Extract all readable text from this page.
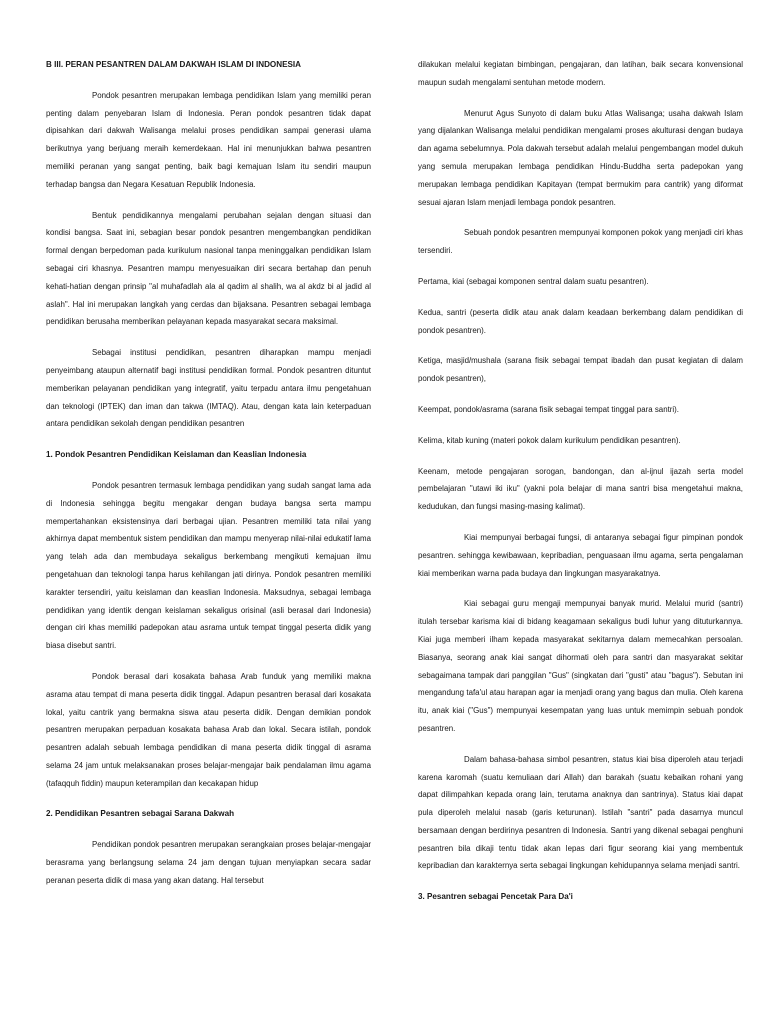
B III. PERAN PESANTREN DALAM DAKWAH ISLAM DI INDONESIA

Pondok pesantren merupakan lembaga pendidikan Islam yang memiliki peran penting dalam penyebaran Islam di Indonesia. Peran pondok pesantren tidak dapat dipisahkan dari dakwah Walisanga melalui proses pendidikan sampai generasi ulama berikutnya yang berjuang meraih kemerdekaan. Hal ini menunjukkan bahwa pesantren memiliki peranan yang sangat penting, baik bagi kemajuan Islam itu sendiri maupun terhadap bangsa dan Negara Kesatuan Republik Indonesia.

Bentuk pendidikannya mengalami perubahan sejalan dengan situasi dan kondisi bangsa. Saat ini, sebagian besar pondok pesantren mengembangkan pendidikan formal dengan berpedoman pada kurikulum nasional tanpa meninggalkan pendidikan Islam sebagai ciri khasnya. Pesantren mampu menyesuaikan diri secara bertahap dan penuh kehati-hatian dengan prinsip "al muhafadlah ala al qadim al shalih, wa al akdz bi al jadid al aslah". Hal ini merupakan langkah yang cerdas dan bijaksana. Pesantren sebagai lembaga pendidikan berusaha memberikan pelayanan kepada masyarakat secara maksimal.

Sebagai institusi pendidikan, pesantren diharapkan mampu menjadi penyeimbang ataupun alternatif bagi institusi pendidikan formal. Pondok pesantren dituntut memberikan pelayanan pendidikan yang integratif, yaitu terpadu antara ilmu pengetahuan dan teknologi (IPTEK) dan iman dan takwa (IMTAQ). Atau, dengan kata lain keterpaduan antara pendidikan sekolah dengan pendidikan pesantren

1. Pondok Pesantren Pendidikan Keislaman dan Keaslian Indonesia

Pondok pesantren termasuk lembaga pendidikan yang sudah sangat lama ada di Indonesia sehingga begitu mengakar dengan budaya bangsa serta mampu mempertahankan eksistensinya dari berbagai ujian. Pesantren memiliki tata nilai yang akhirnya dapat membentuk sistem pendidikan dan mampu menyerap nilai-nilai edukatif lama yang telah ada dan membudaya sekaligus berkembang mengikuti kemajuan ilmu pengetahuan dan teknologi tanpa harus kehilangan jati dirinya. Pondok pesantren memiliki karakter tersendiri, yaitu keislaman dan keaslian Indonesia. Maksudnya, sebagai lembaga pendidikan yang identik dengan keislaman sekaligus orisinal (asli berasal dari Indonesia) dengan ciri khas memiliki padepokan atau asrama untuk tempat tinggal peserta didik yang biasa disebut santri.

Pondok berasal dari kosakata bahasa Arab funduk yang memiliki makna asrama atau tempat di mana peserta didik tinggal. Adapun pesantren berasal dari kosakata lokal, yaitu cantrik yang bermakna siswa atau peserta didik. Dengan demikian pondok pesantren merupakan perpaduan kosakata bahasa Arab dan lokal. Secara istilah, pondok pesantren adalah sebuah lembaga pendidikan di mana peserta didik tinggal di asrama selama 24 jam untuk melaksanakan proses belajar-mengajar baik pendalaman ilmu agama (tafaqquh fiddin) maupun keterampilan dan kecakapan hidup

2. Pendidikan Pesantren sebagai Sarana Dakwah

Pendidikan pondok pesantren merupakan serangkaian proses belajar-mengajar berasrama yang berlangsung selama 24 jam dengan tujuan menyiapkan secara sadar peranan peserta didik di masa yang akan datang. Hal tersebut

dilakukan melalui kegiatan bimbingan, pengajaran, dan latihan, baik secara konvensional maupun sudah mengalami sentuhan metode modern.

Menurut Agus Sunyoto di dalam buku Atlas Walisanga; usaha dakwah Islam yang dijalankan Walisanga melalui pendidikan mengalami proses akulturasi dengan budaya dan agama sebelumnya. Pola dakwah tersebut adalah melalui pengembangan model dukuh yang semula merupakan lembaga pendidikan Hindu-Buddha serta padepokan yang merupakan lembaga pendidikan Kapitayan (tempat bermukim para cantrik) yang diformat sesuai ajaran Islam menjadi lembaga pondok pesantren.

Sebuah pondok pesantren mempunyai komponen pokok yang menjadi ciri khas tersendiri.

Pertama, kiai (sebagai komponen sentral dalam suatu pesantren).

Kedua, santri (peserta didik atau anak dalam keadaan berkembang dalam pendidikan di pondok pesantren).

Ketiga, masjid/mushala (sarana fisik sebagai tempat ibadah dan pusat kegiatan di dalam pondok pesantren),

Keempat, pondok/asrama (sarana fisik sebagai tempat tinggal para santri).

Kelima, kitab kuning (materi pokok dalam kurikulum pendidikan pesantren).

Keenam, metode pengajaran sorogan, bandongan, dan al-ijnul ijazah serta model pembelajaran "utawi iki iku" (yakni pola belajar di mana santri bisa mengetahui makna, kedudukan, dan fungsi masing-masing kalimat).

Kiai mempunyai berbagai fungsi, di antaranya sebagai figur pimpinan pondok pesantren. sehingga kewibawaan, kepribadian, penguasaan ilmu agama, serta pengalaman kiai memberikan warna pada budaya dan lingkungan masyarakatnya.

Kiai sebagai guru mengaji mempunyai banyak murid. Melalui murid (santri) itulah tersebar karisma kiai di bidang keagamaan sekaligus budi luhur yang dituturkannya. Kiai juga memberi ilham kepada masyarakat sekitarnya dalam memecahkan persoalan. Biasanya, seorang anak kiai sangat dihormati oleh para santri dan masyarakat sekitar sebagaimana tampak dari panggilan "Gus" (singkatan dari "gusti" atau "bagus"). Sebutan ini mengandung tafa'ul atau harapan agar ia menjadi orang yang bagus dan mulia. Oleh karena itu, anak kiai ("Gus") mempunyai kesempatan yang luas untuk memimpin sebuah pondok pesantren.

Dalam bahasa-bahasa simbol pesantren, status kiai bisa diperoleh atau terjadi karena karomah (suatu kemuliaan dari Allah) dan barakah (suatu kebaikan rohani yang dapat dilimpahkan kepada orang lain, terutama anaknya dan santrinya). Status kiai dapat pula diperoleh melalui nasab (garis keturunan). Istilah "santri" pada dasarnya muncul bersamaan dengan berdirinya pesantren di Indonesia. Santri yang dikenal sebagai penghuni pesantren bila dikaji tentu tidak akan lepas dari figur seorang kiai yang membentuk kepribadian dan karakternya serta sebagai lingkungan kehidupannya selama menjadi santri.

3. Pesantren sebagai Pencetak Para Da'i
